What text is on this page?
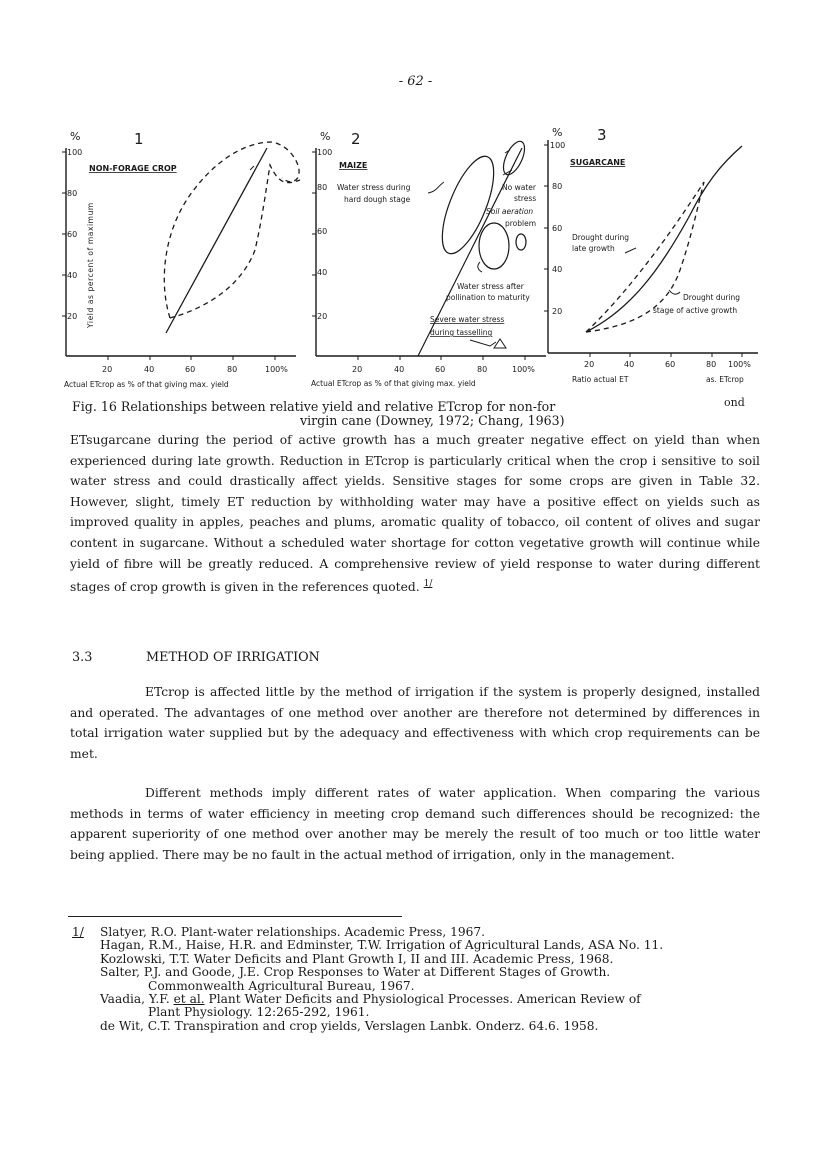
- 62 -
%	1
NON-FORAGE CROP
100
80
60
40
20 Yield as percent of maximum
20	40	60	80	100%
Actual ETcrop as % of that giving max. yield
% 2
MAIZE
100
80
60
40
20
Water stress during
hard dough stage
No water
stress
Soil aeration
problem
Water stress after
pollination to maturity
Severe water stress
during tasselling
20	40	60	80	100%
Actual ETcrop as % of that giving max. yield
% 3
SUGARCANE
100
80
60
40
20
Drought during
late growth
Drought during
stage of active growth
20	40	60	80 100%
Ratio actual ET	as. ETcrop
Fig. 16 Relationships between relative yield and relative ETcrop for non-for	ond
virgin cane (Downey, 1972; Chang, 1963)
ETsugarcane during the period of active growth has a much greater negative effect on yield than when experienced during late growth. Reduction in ETcrop is particularly critical when the crop i sensitive to soil water stress and could drastically affect yields. Sensitive stages for some crops are given in Table 32. However, slight, timely ET reduction by withholding water may have a positive effect on yields such as improved quality in apples, peaches and plums, aromatic quality of tobacco, oil content of olives and sugar content in sugarcane. Without a scheduled water shortage for cotton vegetative growth will continue while yield of fibre will be greatly reduced. A comprehensive review of yield response to water during different stages of crop growth is given in the references quoted. $^{1/}$
3.3	METHOD OF IRRIGATION
ETcrop is affected little by the method of irrigation if the system is properly designed, installed and operated. The advantages of one method over another are therefore not determined by differences in total irrigation water supplied but by the adequacy and effectiveness with which crop requirements can be met.
Different methods imply different rates of water application. When comparing the various methods in terms of water efficiency in meeting crop demand such differences should be recognized: the apparent superiority of one method over another may be merely the result of too much or too little water being applied. There may be no fault in the actual method of irrigation, only in the management.
1/ Slatyer, R.O. Plant-water relationships. Academic Press, 1967.
Hagan, R.M., Haise, H.R. and Edminster, T.W. Irrigation of Agricultural Lands, ASA No. 11.
Kozlowski, T.T. Water Deficits and Plant Growth I, II and III. Academic Press, 1968.
Salter, P.J. and Goode, J.E. Crop Responses to Water at Different Stages of Growth.
Commonwealth Agricultural Bureau, 1967.
Vaadia, Y.F. et al. Plant Water Deficits and Physiological Processes. American Review of
Plant Physiology. 12:265-292, 1961.
de Wit, C.T. Transpiration and crop yields, Verslagen Lanbk. Onderz. 64.6. 1958.
